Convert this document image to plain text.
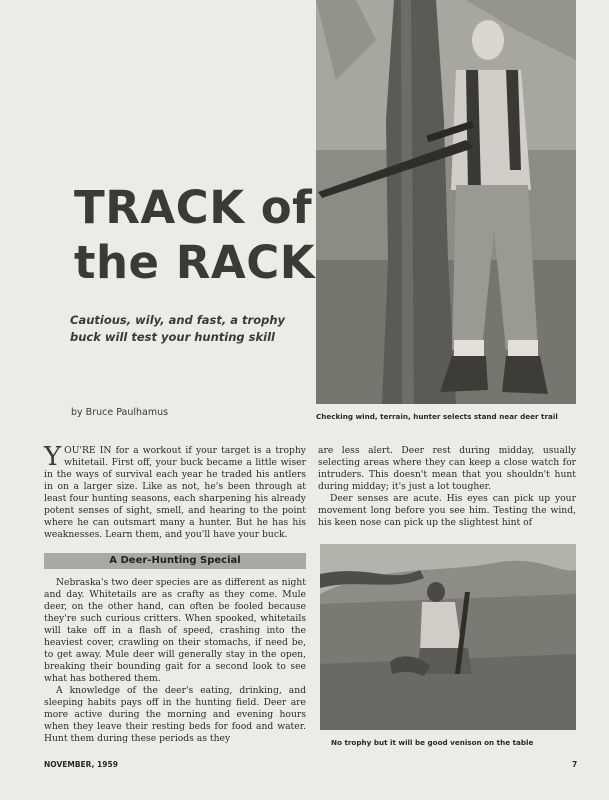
TRACK of
the RACK
Cautious, wily, and fast, a trophy buck will test your hunting skill
by Bruce Paulhamus	Checking wind, terrain, hunter selects stand near deer trail

YOU'RE IN for a workout if your target is a trophy whitetail. First off, your buck became a little wiser in the ways of survival each year he traded his antlers in on a larger size. Like as not, he's been through at least four hunting seasons, each sharpening his already potent senses of sight, smell, and hearing to the point where he can outsmart many a hunter. But he has his weaknesses. Learn them, and you'll have your buck.

A Deer-Hunting Special

Nebraska's two deer species are as different as night and day. Whitetails are as crafty as they come. Mule deer, on the other hand, can often be fooled because they're such curious critters. When spooked, whitetails will take off in a flash of speed, crashing into the heaviest cover, crawling on their stomachs, if need be, to get away. Mule deer will generally stay in the open, breaking their bounding gait for a second look to see what has bothered them.

A knowledge of the deer's eating, drinking, and sleeping habits pays off in the hunting field. Deer are more active during the morning and evening hours when they leave their resting beds for food and water. Hunt them during these periods as they

are less alert. Deer rest during midday, usually selecting areas where they can keep a close watch for intruders. This doesn't mean that you shouldn't hunt during midday; it's just a lot tougher.

Deer senses are acute. His eyes can pick up your movement long before you see him. Testing the wind, his keen nose can pick up the slightest hint of

No trophy but it will be good venison on the table
NOVEMBER, 1959	7
